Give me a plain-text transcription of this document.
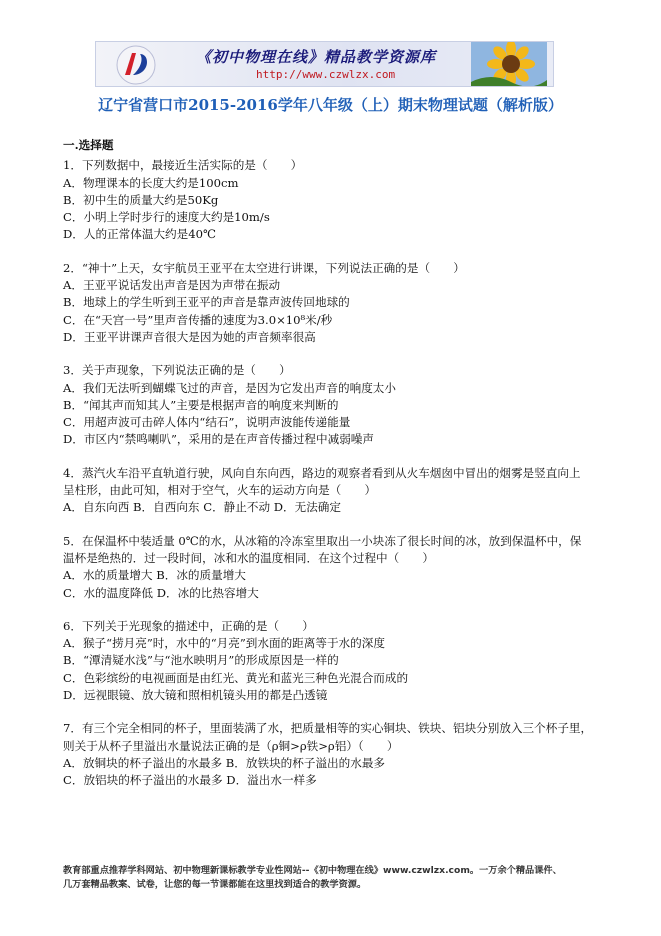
《初中物理在线》精品教学资源库
http://www.czwlzx.com
辽宁省营口市2015-2016学年八年级（上）期末物理试题（解析版）
一.选择题
1．下列数据中，最接近生活实际的是（　　）
A．物理课本的长度大约是100cm
B．初中生的质量大约是50Kg
C．小明上学时步行的速度大约是10m/s
D．人的正常体温大约是40℃
2．“神十”上天，女宇航员王亚平在太空进行讲课，下列说法正确的是（　　）
A．王亚平说话发出声音是因为声带在振动
B．地球上的学生听到王亚平的声音是靠声波传回地球的
C．在“天宫一号”里声音传播的速度为3.0×10⁸米/秒
D．王亚平讲课声音很大是因为她的声音频率很高
3．关于声现象，下列说法正确的是（　　）
A．我们无法听到蝴蝶飞过的声音，是因为它发出声音的响度太小
B．“闻其声而知其人”主要是根据声音的响度来判断的
C．用超声波可击碎人体内“结石”，说明声波能传递能量
D．市区内“禁鸣喇叭”，采用的是在声音传播过程中减弱噪声
4．蒸汽火车沿平直轨道行驶，风向自东向西，路边的观察者看到从火车烟囱中冒出的烟雾是竖直向上
呈柱形，由此可知，相对于空气，火车的运动方向是（　　）
A．自东向西 B．自西向东 C．静止不动 D．无法确定
5．在保温杯中装适量 0℃的水，从冰箱的冷冻室里取出一小块冻了很长时间的冰，放到保温杯中，保
温杯是绝热的．过一段时间，冰和水的温度相同．在这个过程中（　　）
A．水的质量增大 B．冰的质量增大
C．水的温度降低 D．冰的比热容增大
6．下列关于光现象的描述中，正确的是（　　）
A．猴子“捞月亮”时，水中的“月亮”到水面的距离等于水的深度
B．“潭清疑水浅”与“池水映明月”的形成原因是一样的
C．色彩缤纷的电视画面是由红光、黄光和蓝光三种色光混合而成的
D．远视眼镜、放大镜和照相机镜头用的都是凸透镜
7．有三个完全相同的杯子，里面装满了水，把质量相等的实心铜块、铁块、铝块分别放入三个杯子里，
则关于从杯子里溢出水量说法正确的是（ρ铜>ρ铁>ρ铝）（　　）
A．放铜块的杯子溢出的水最多 B．放铁块的杯子溢出的水最多
C．放铝块的杯子溢出的水最多 D．溢出水一样多
教育部重点推荐学科网站、初中物理新课标教学专业性网站--《初中物理在线》www.czwlzx.com。一万余个精品课件、
几万套精品教案、试卷，让您的每一节课都能在这里找到适合的教学资源。
